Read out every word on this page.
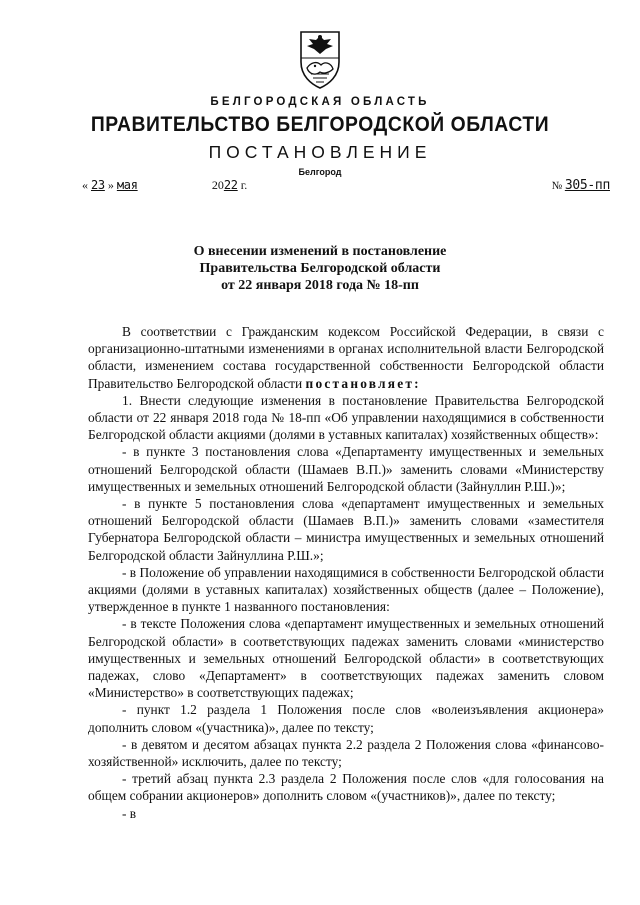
БЕЛГОРОДСКАЯ ОБЛАСТЬ
ПРАВИТЕЛЬСТВО БЕЛГОРОДСКОЙ ОБЛАСТИ
ПОСТАНОВЛЕНИЕ
Белгород
« 23 » мая	2022 г.	№ 305-пп
О внесении изменений в постановление
Правительства Белгородской области
от 22 января 2018 года № 18-пп

В соответствии с Гражданским кодексом Российской Федерации, в связи с организационно-штатными изменениями в органах исполнительной власти Белгородской области, изменением состава государственной собственности Белгородской области Правительство Белгородской области постановляет:

1. Внести следующие изменения в постановление Правительства Белгородской области от 22 января 2018 года № 18-пп «Об управлении находящимися в собственности Белгородской области акциями (долями в уставных капиталах) хозяйственных обществ»:

- в пункте 3 постановления слова «Департаменту имущественных и земельных отношений Белгородской области (Шамаев В.П.)» заменить словами «Министерству имущественных и земельных отношений Белгородской области (Зайнуллин Р.Ш.)»;

- в пункте 5 постановления слова «департамент имущественных и земельных отношений Белгородской области (Шамаев В.П.)» заменить словами «заместителя Губернатора Белгородской области – министра имущественных и земельных отношений Белгородской области Зайнуллина Р.Ш.»;

- в Положение об управлении находящимися в собственности Белгородской области акциями (долями в уставных капиталах) хозяйственных обществ (далее – Положение), утвержденное в пункте 1 названного постановления:

- в тексте Положения слова «департамент имущественных и земельных отношений Белгородской области» в соответствующих падежах заменить словами «министерство имущественных и земельных отношений Белгородской области» в соответствующих падежах, слово «Департамент» в соответствующих падежах заменить словом «Министерство» в соответствующих падежах;

- пункт 1.2 раздела 1 Положения после слов «волеизъявления акционера» дополнить словом «(участника)», далее по тексту;

- в девятом и десятом абзацах пункта 2.2 раздела 2 Положения слова «финансово-хозяйственной» исключить, далее по тексту;

- третий абзац пункта 2.3 раздела 2 Положения после слов «для голосования на общем собрании акционеров» дополнить словом «(участников)», далее по тексту;

- в
